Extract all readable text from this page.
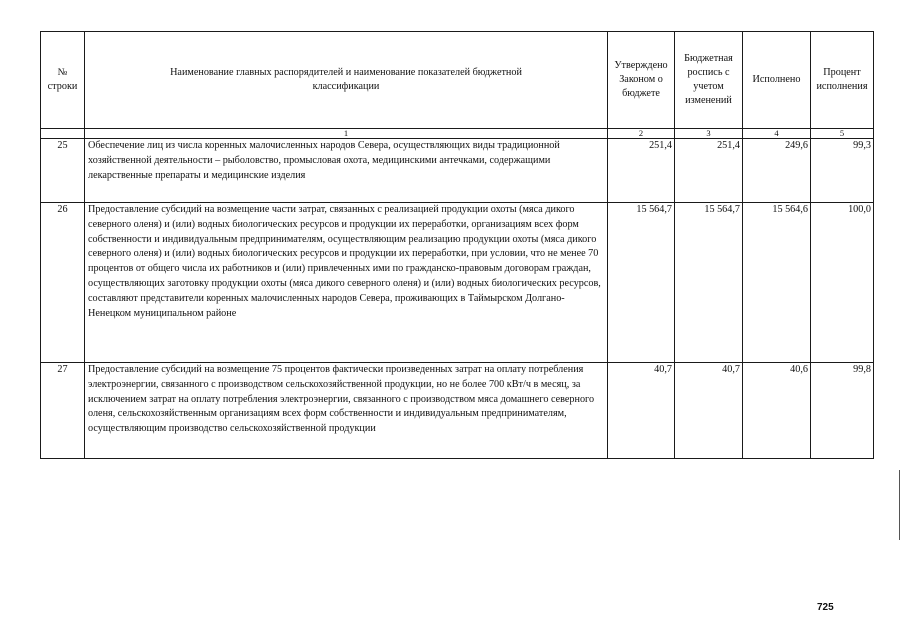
№ строки	Наименование главных распорядителей и наименование показателей бюджетной классификации	Утверждено Законом о бюджете	Бюджетная роспись с учетом изменений	Исполнено	Процент исполнения
	1	2	3	4	5
25	Обеспечение лиц из числа коренных малочисленных народов Севера, осуществляющих виды традиционной хозяйственной деятельности – рыболовство, промысловая охота, медицинскими антечками, содержащими лекарственные препараты и медицинские изделия	251,4	251,4	249,6	99,3
26	Предоставление субсидий на возмещение части затрат, связанных с реализацией продукции охоты (мяса дикого северного оленя) и (или) водных биологических ресурсов и продукции их переработки, организациям всех форм собственности и индивидуальным предпринимателям, осуществляющим реализацию продукции охоты (мяса дикого северного оленя) и (или) водных биологических ресурсов и продукции их переработки, при условии, что не менее 70 процентов от общего числа их работников и (или) привлеченных ими по гражданско-правовым договорам граждан, осуществляющих заготовку продукции охоты (мяса дикого северного оленя) и (или) водных биологических ресурсов, составляют представители коренных малочисленных народов Севера, проживающих в Таймырском Долгано-Ненецком муниципальном районе	15 564,7	15 564,7	15 564,6	100,0
27	Предоставление субсидий на возмещение 75 процентов фактически произведенных затрат на оплату потребления электроэнергии, связанного с производством сельскохозяйственной продукции, но не более 700 кВт/ч в месяц, за исключением затрат на оплату потребления электроэнергии, связанного с производством мяса домашнего северного оленя, сельскохозяйственным организациям всех форм собственности и индивидуальным предпринимателям, осуществляющим производство сельскохозяйственной продукции	40,7	40,7	40,6	99,8
725
